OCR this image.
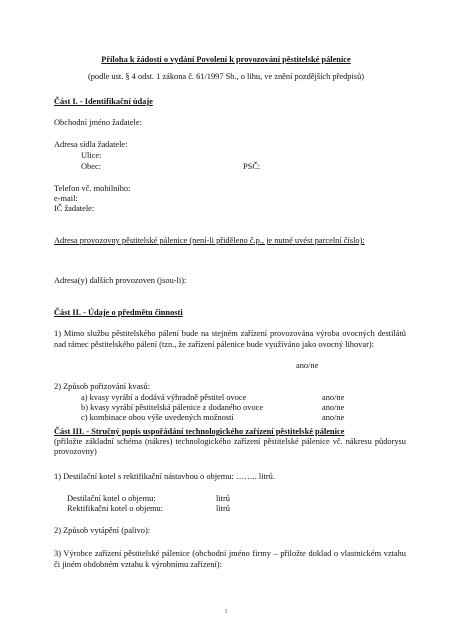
Příloha k žádosti o vydání Povolení k provozování pěstitelské pálenice
(podle ust. § 4 odst. 1 zákona č. 61/1997 Sb., o lihu, ve znění pozdějších předpisů)
Část I. - Identifikační údaje
Obchodní jméno žadatele:
Adresa sídla žadatele:
Ulice:
Obec:	PSČ:
Telefon vč. mobilního:
e-mail:
IČ žadatele:
Adresa provozovny pěstitelské pálenice (není-li přiděleno č.p., je nutné uvést parcelní číslo):
Adresa(y) dalších provozoven (jsou-li):
Část II. - Údaje o předmětu činnosti
1) Mimo službu pěstitelského pálení bude na stejném zařízení provozována výroba ovocných destilátů nad rámec pěstitelského pálení (tzn., že zařízení pálenice bude využíváno jako ovocný lihovar):
ano/ne
2) Způsob pořizování kvasů:
a) kvasy vyrábí a dodává výhradně pěstitel ovoce	ano/ne
b) kvasy vyrábí pěstitelská pálenice z dodaného ovoce	ano/ne
c) kombinace obou výše uvedených možností	ano/ne
Část III. - Stručný popis uspořádání technologického zařízení pěstitelské pálenice
(přiložte základní schéma (nákres) technologického zařízení pěstitelské pálenice vč. nákresu půdorysu provozovny)
1) Destilační kotel s rektifikační nástavbou o objemu: …….. litrů.
Destilační kotel o objemu:	litrů
Rektifikační kotel o objemu:	litrů
2) Způsob vytápění (palivo):
3) Výrobce zařízení pěstitelské pálenice (obchodní jméno firmy – přiložte doklad o vlastnickém vztahu či jiném obdobném vztahu k výrobnímu zařízení):
1
